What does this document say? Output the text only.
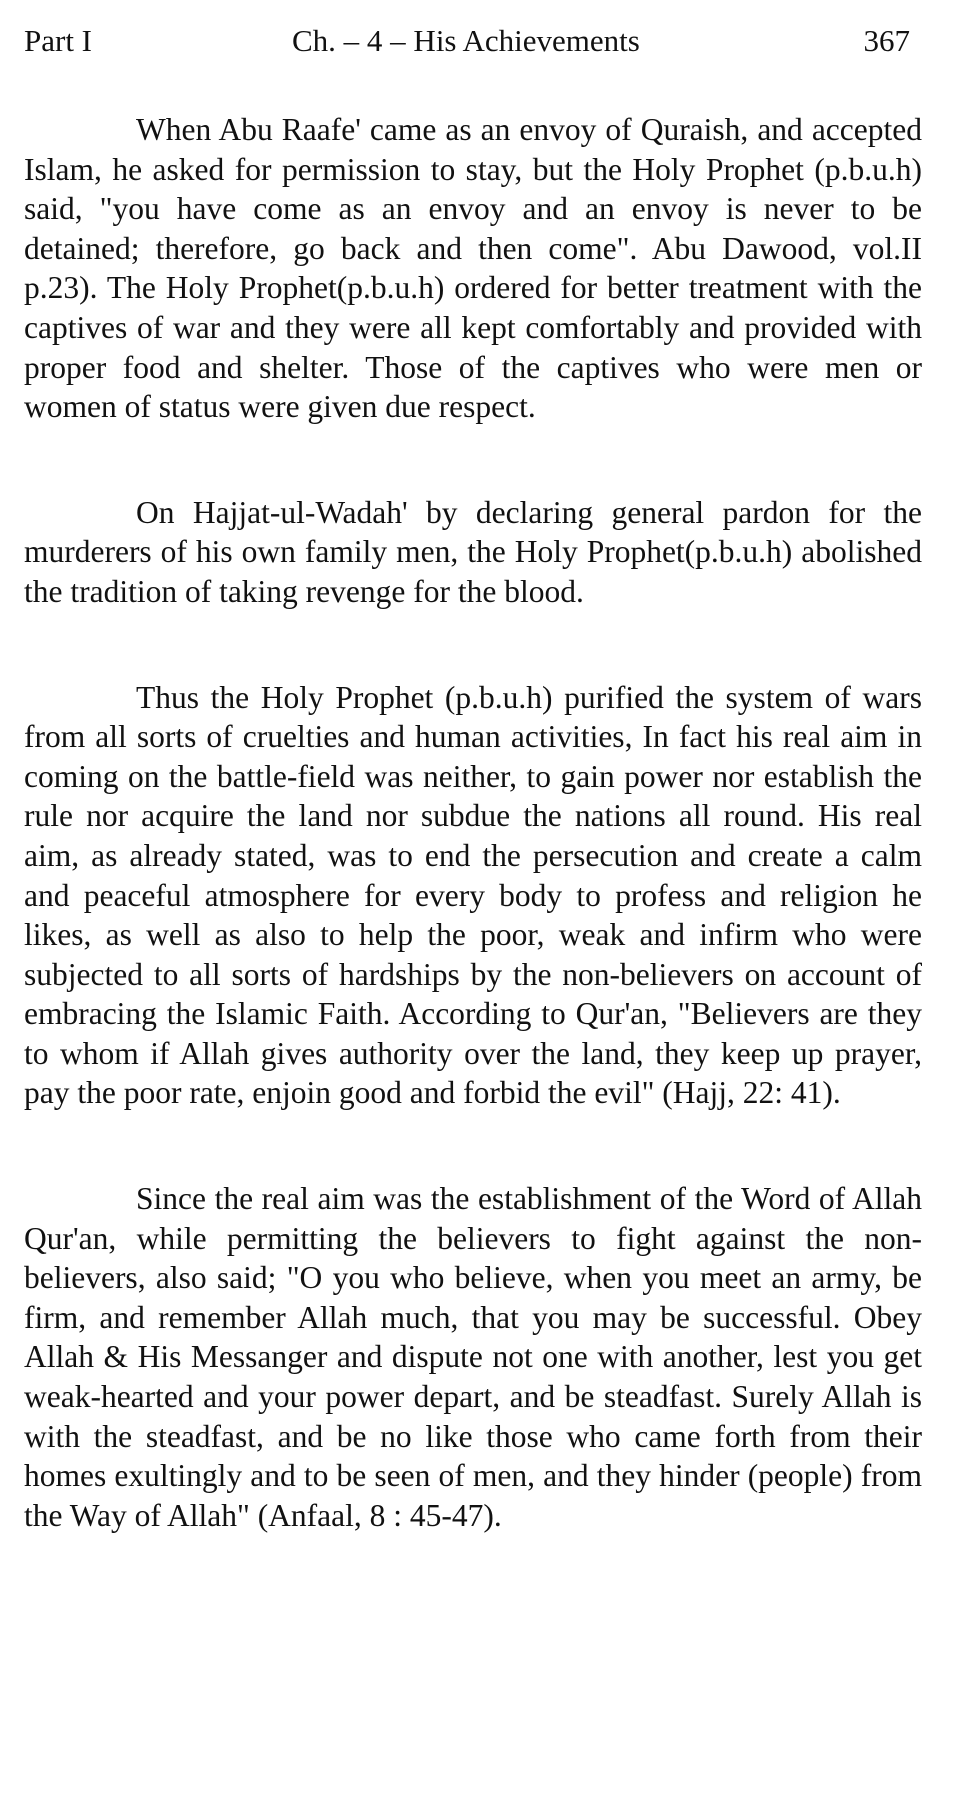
Part I	Ch. – 4 – His Achievements	367

When Abu Raafe' came as an envoy of Quraish, and accepted Islam, he asked for permission to stay, but the Holy Prophet (p.b.u.h) said, "you have come as an envoy and an envoy is never to be detained; therefore, go back and then come". Abu Dawood, vol.II p.23). The Holy Prophet(p.b.u.h) ordered for better treatment with the captives of war and they were all kept comfortably and provided with proper food and shelter. Those of the captives who were men or women of status were given due respect.

On Hajjat-ul-Wadah' by declaring general pardon for the murderers of his own family men, the Holy Prophet(p.b.u.h) abolished the tradition of taking revenge for the blood.

Thus the Holy Prophet (p.b.u.h) purified the system of wars from all sorts of cruelties and human activities, In fact his real aim in coming on the battle-field was neither, to gain power nor establish the rule nor acquire the land nor subdue the nations all round. His real aim, as already stated, was to end the persecution and create a calm and peaceful atmosphere for every body to profess and religion he likes, as well as also to help the poor, weak and infirm who were subjected to all sorts of hardships by the non-believers on account of embracing the Islamic Faith. According to Qur'an, "Believers are they to whom if Allah gives authority over the land, they keep up prayer, pay the poor rate, enjoin good and forbid the evil" (Hajj, 22: 41).

Since the real aim was the establishment of the Word of Allah Qur'an, while permitting the believers to fight against the non-believers, also said; "O you who believe, when you meet an army, be firm, and remember Allah much, that you may be successful. Obey Allah & His Messanger and dispute not one with another, lest you get weak-hearted and your power depart, and be steadfast. Surely Allah is with the steadfast, and be no like those who came forth from their homes exultingly and to be seen of men, and they hinder (people) from the Way of Allah" (Anfaal, 8 : 45-47).
